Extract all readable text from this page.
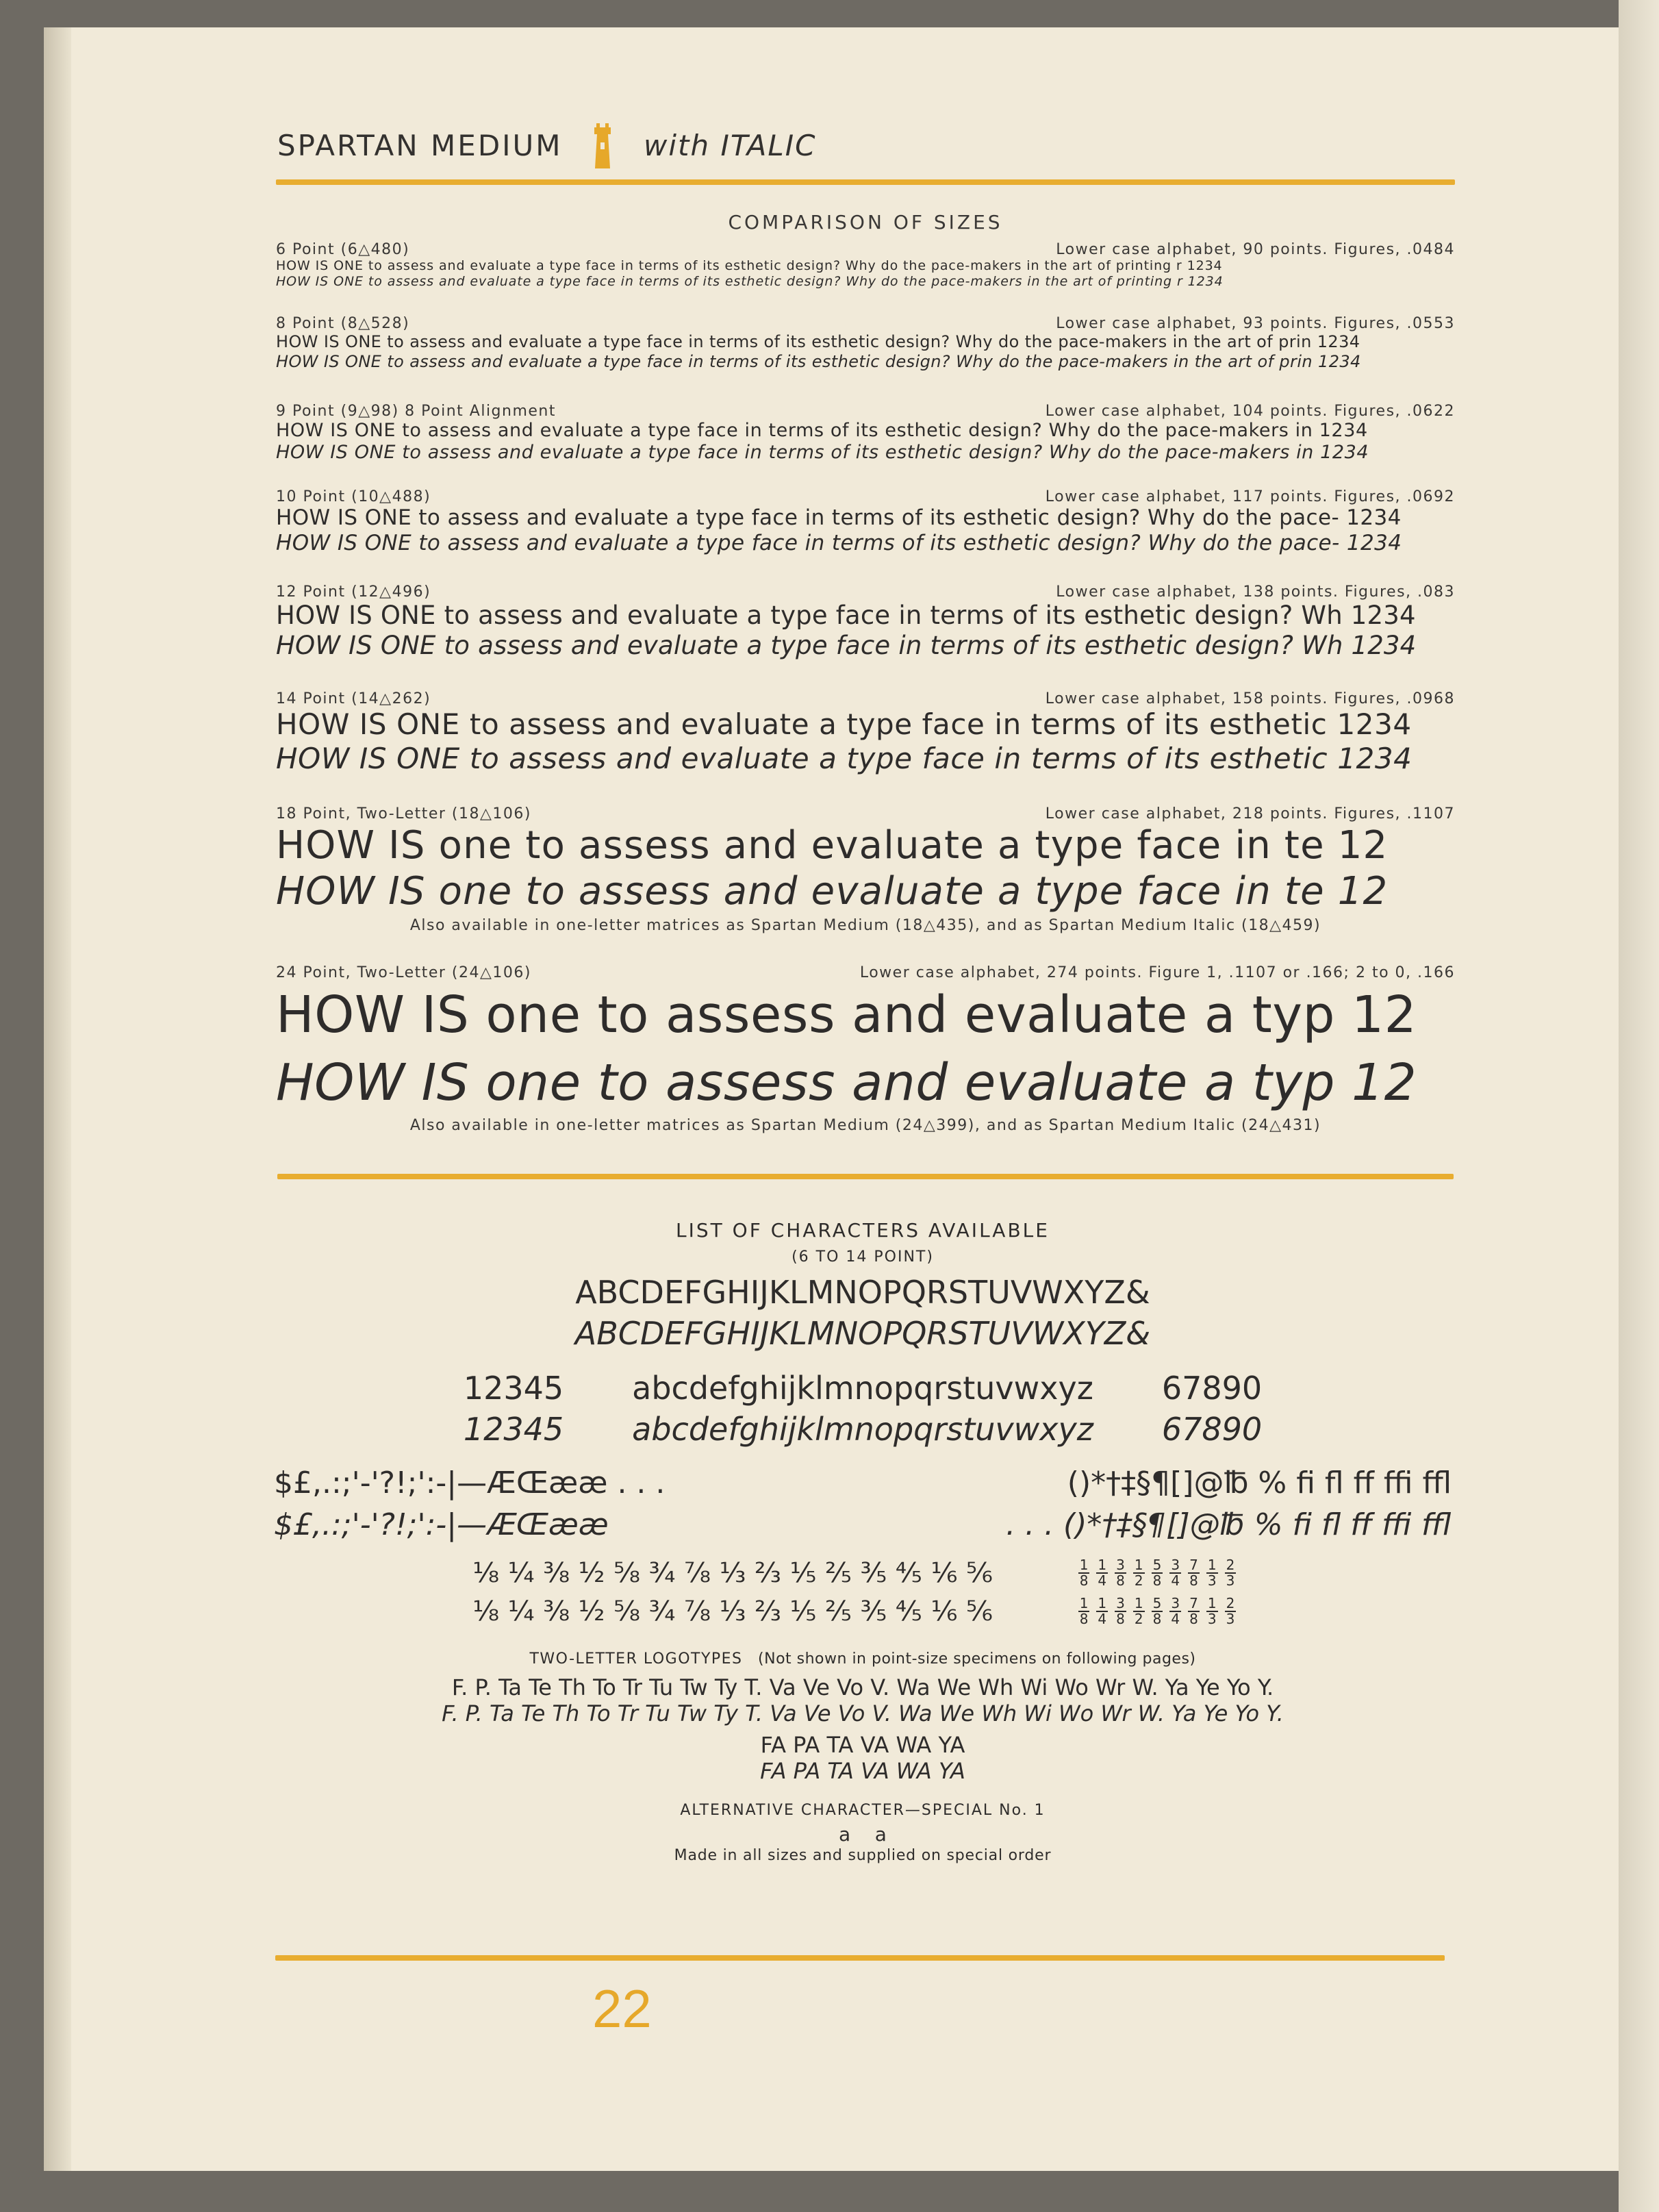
SPARTAN MEDIUM	with ITALIC
COMPARISON OF SIZES
6 Point (6△480)	Lower case alphabet, 90 points. Figures, .0484
HOW IS ONE to assess and evaluate a type face in terms of its esthetic design? Why do the pace-makers in the art of printing r 1234
HOW IS ONE to assess and evaluate a type face in terms of its esthetic design? Why do the pace-makers in the art of printing r 1234
8 Point (8△528)	Lower case alphabet, 93 points. Figures, .0553
HOW IS ONE to assess and evaluate a type face in terms of its esthetic design? Why do the pace-makers in the art of prin 1234
HOW IS ONE to assess and evaluate a type face in terms of its esthetic design? Why do the pace-makers in the art of prin 1234
9 Point (9△98) 8 Point Alignment	Lower case alphabet, 104 points. Figures, .0622
HOW IS ONE to assess and evaluate a type face in terms of its esthetic design? Why do the pace-makers in 1234
HOW IS ONE to assess and evaluate a type face in terms of its esthetic design? Why do the pace-makers in 1234
10 Point (10△488)	Lower case alphabet, 117 points. Figures, .0692
HOW IS ONE to assess and evaluate a type face in terms of its esthetic design? Why do the pace- 1234
HOW IS ONE to assess and evaluate a type face in terms of its esthetic design? Why do the pace- 1234
12 Point (12△496)	Lower case alphabet, 138 points. Figures, .083
HOW IS ONE to assess and evaluate a type face in terms of its esthetic design? Wh 1234
HOW IS ONE to assess and evaluate a type face in terms of its esthetic design? Wh 1234
14 Point (14△262)	Lower case alphabet, 158 points. Figures, .0968
HOW IS ONE to assess and evaluate a type face in terms of its esthetic 1234
HOW IS ONE to assess and evaluate a type face in terms of its esthetic 1234
18 Point, Two-Letter (18△106)	Lower case alphabet, 218 points. Figures, .1107
HOW IS one to assess and evaluate a type face in te 12
HOW IS one to assess and evaluate a type face in te 12
Also available in one-letter matrices as Spartan Medium (18△435), and as Spartan Medium Italic (18△459)
24 Point, Two-Letter (24△106)	Lower case alphabet, 274 points. Figure 1, .1107 or .166; 2 to 0, .166
HOW IS one to assess and evaluate a typ 12
HOW IS one to assess and evaluate a typ 12
Also available in one-letter matrices as Spartan Medium (24△399), and as Spartan Medium Italic (24△431)
LIST OF CHARACTERS AVAILABLE
(6 TO 14 POINT)
ABCDEFGHIJKLMNOPQRSTUVWXYZ&
ABCDEFGHIJKLMNOPQRSTUVWXYZ&
12345	abcdefghijklmnopqrstuvwxyz	67890
12345	abcdefghijklmnopqrstuvwxyz	67890
$£,.:;'-'?!;':-|—ÆŒææ . . .	()*†‡§¶[]@℔ % ﬁ ﬂ ﬀ ﬃ ﬄ
$£,.:;'-'?!;':-|—ÆŒææ	. . . ()*†‡§¶[]@℔ % ﬁ ﬂ ﬀ ﬃ ﬄ
⅛ ¼ ⅜ ½ ⅝ ¾ ⅞ ⅓ ⅔ ⅕ ⅖ ⅗ ⅘ ⅙ ⅚	$\frac{1}{8} \frac{1}{4} \frac{3}{8} \frac{1}{2} \frac{5}{8} \frac{3}{4} \frac{7}{8} \frac{1}{3} \frac{2}{3}$
⅛ ¼ ⅜ ½ ⅝ ¾ ⅞ ⅓ ⅔ ⅕ ⅖ ⅗ ⅘ ⅙ ⅚	$\frac{1}{8} \frac{1}{4} \frac{3}{8} \frac{1}{2} \frac{5}{8} \frac{3}{4} \frac{7}{8} \frac{1}{3} \frac{2}{3}$
TWO-LETTER LOGOTYPES (Not shown in point-size specimens on following pages)
F. P. Ta Te Th To Tr Tu Tw Ty T. Va Ve Vo V. Wa We Wh Wi Wo Wr W. Ya Ye Yo Y.
F. P. Ta Te Th To Tr Tu Tw Ty T. Va Ve Vo V. Wa We Wh Wi Wo Wr W. Ya Ye Yo Y.
FA PA TA VA WA YA
FA PA TA VA WA YA
ALTERNATIVE CHARACTER—SPECIAL No. 1
a    a
Made in all sizes and supplied on special order
22
